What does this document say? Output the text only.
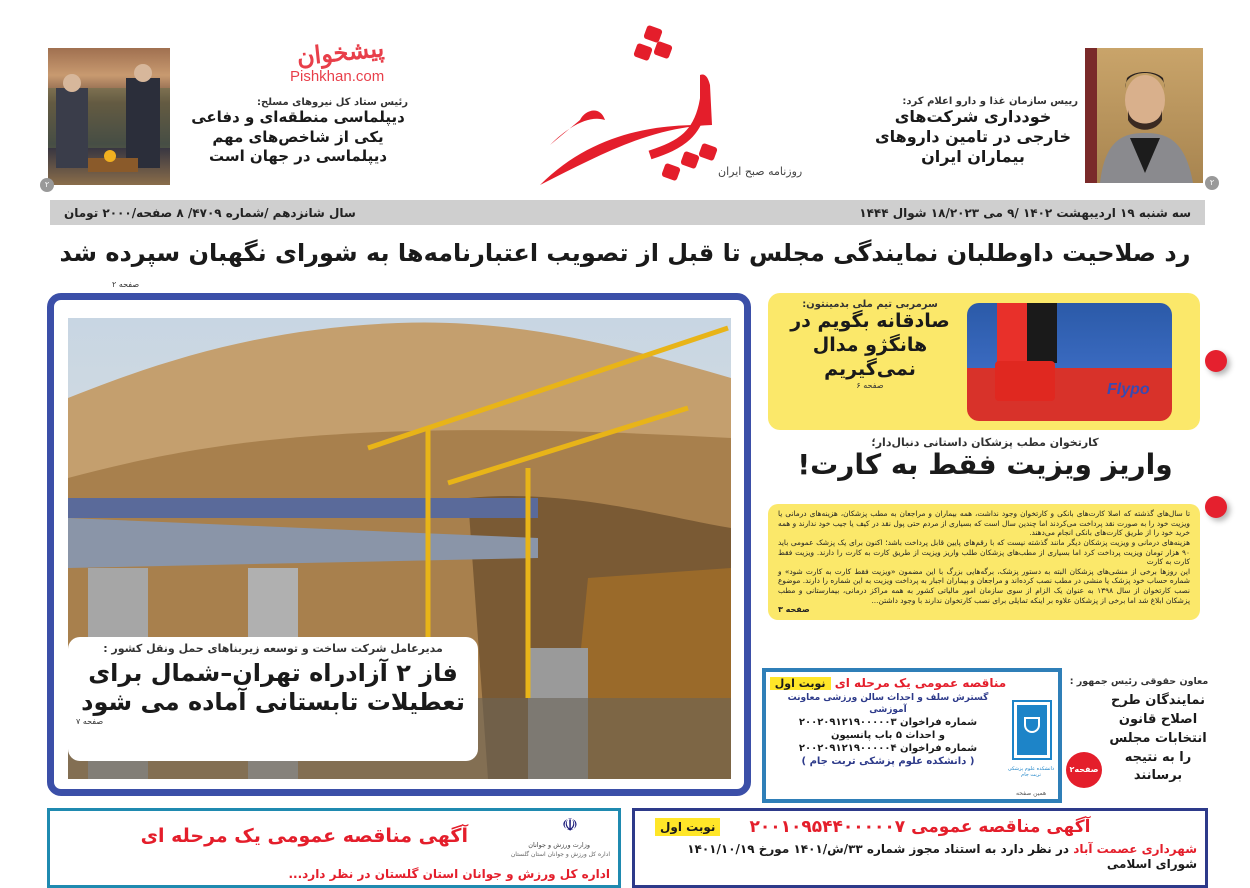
رئیس ستاد کل نیروهای مسلح:
دیپلماسی منطقه‌ای و دفاعی یکی از شاخص‌های مهم دیپلماسی در جهان است
پیشخوان
Pishkhan.com
۲
روزنامه صبح ایران
رییس سازمان غذا و دارو اعلام کرد:
خودداری شرکت‌های خارجی در تامین داروهای بیماران ایران
۲
سال شانزدهم /شماره ۴۷۰۹/ ۸ صفحه/۲۰۰۰ تومان	سه شنبه ۱۹ اردیبهشت ۱۴۰۲ /۹ می ۱۸/۲۰۲۳ شوال ۱۴۴۴
رد صلاحیت داوطلبان نمایندگی مجلس تا قبل از تصویب اعتبارنامه‌ها به شورای نگهبان سپرده شد
صفحه ۲
مدیرعامل شرکت ساخت و توسعه زیربناهای حمل ونقل کشور :
فاز ۲ آزادراه تهران–شمال برای تعطیلات تابستانی آماده می شود
صفحه ۷
سرمربی تیم ملی بدمینتون:
صادقانه بگویم در هانگژو مدال نمی‌گیریم
صفحه ۶	Flypo
کارتخوان مطب پزشکان داستانی دنبال‌دار؛
واریز ویزیت فقط به کارت!

تا سال‌های گذشته که اصلا کارت‌های بانکی و کارتخوان وجود نداشت، همه بیماران و مراجعان به مطب پزشکان، هزینه‌های درمانی یا ویزیت خود را به صورت نقد پرداخت می‌کردند اما چندین سال است که بسیاری از مردم حتی پول نقد در کیف یا جیب خود ندارند و همه خرید خود را از طریق کارت‌های بانکی انجام می‌دهند.

هزینه‌های درمانی و ویزیت پزشکان دیگر مانند گذشته نیست که با رقم‌های پایین قابل پرداخت باشد؛ اکنون برای یک پزشک عمومی باید ۹۰ هزار تومان ویزیت پرداخت کرد اما بسیاری از مطب‌های پزشکان طلب واریز ویزیت از طریق کارت به کارت را دارند. ویزیت فقط کارت به کارت

این روزها برخی از منشی‌های پزشکان البته به دستور پزشک، برگه‌هایی بزرگ با این مضمون «ویزیت فقط کارت به کارت شود» و شماره حساب خود پزشک یا منشی در مطب نصب کرده‌اند و مراجعان و بیماران اجبار به پرداخت ویزیت به این شماره را دارند. موضوع نصب کارتخوان از سال ۱۳۹۸ به عنوان یک الزام از سوی سازمان امور مالیاتی کشور به همه مراکز درمانی، بیمارستانی و مطب پزشکان ابلاغ شد اما برخی از پزشکان علاوه بر اینکه تمایلی برای نصب کارتخوان ندارند با وجود داشتن...

صفحه ۳
دانشکده علوم پزشکی تربت جام
مناقصه عمومی یک مرحله ای نوبت اول
گسترش سلف و احداث سالن ورزشی معاونت آموزشی
شماره فراخوان ۲۰۰۲۰۹۱۲۱۹۰۰۰۰۰۳
و احداث ۵ باب پانسیون
شماره فراخوان ۲۰۰۲۰۹۱۲۱۹۰۰۰۰۰۴
( دانشکده علوم پزشکی تربت جام )
همین صفحه
معاون حقوقی رئیس جمهور :
نمایندگان طرح اصلاح قانون انتخابات مجلس را به نتیجه برسانند
صفحه۲
آگهی مناقصه عمومی ۲۰۰۱۰۹۵۴۴۰۰۰۰۰۷
نوبت اول
شهرداری عصمت آباد در نظر دارد به استناد مجوز شماره ۳۳/ش/۱۴۰۱ مورخ ۱۴۰۱/۱۰/۱۹ شورای اسلامی
☫
وزارت ورزش و جوانان
اداره کل ورزش و جوانان استان گلستان
آگهی مناقصه عمومی یک مرحله ای
اداره کل ورزش و جوانان استان گلستان در نظر دارد...
